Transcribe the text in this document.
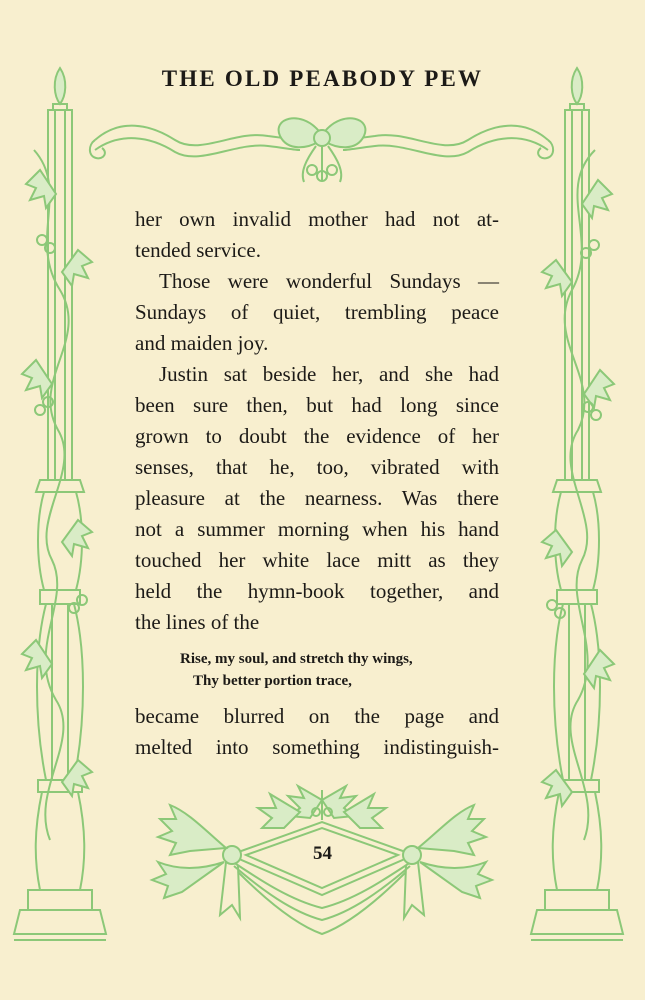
THE OLD PEABODY PEW
her own invalid mother had not at-
tended service.
Those were wonderful Sundays —
Sundays of quiet, trembling peace
and maiden joy.
Justin sat beside her, and she had
been sure then, but had long since
grown to doubt the evidence of her
senses, that he, too, vibrated with
pleasure at the nearness. Was there
not a summer morning when his hand
touched her white lace mitt as they
held the hymn-book together, and
the lines of the
Rise, my soul, and stretch thy wings,
Thy better portion trace,
became blurred on the page and
melted into something indistinguish-
54
